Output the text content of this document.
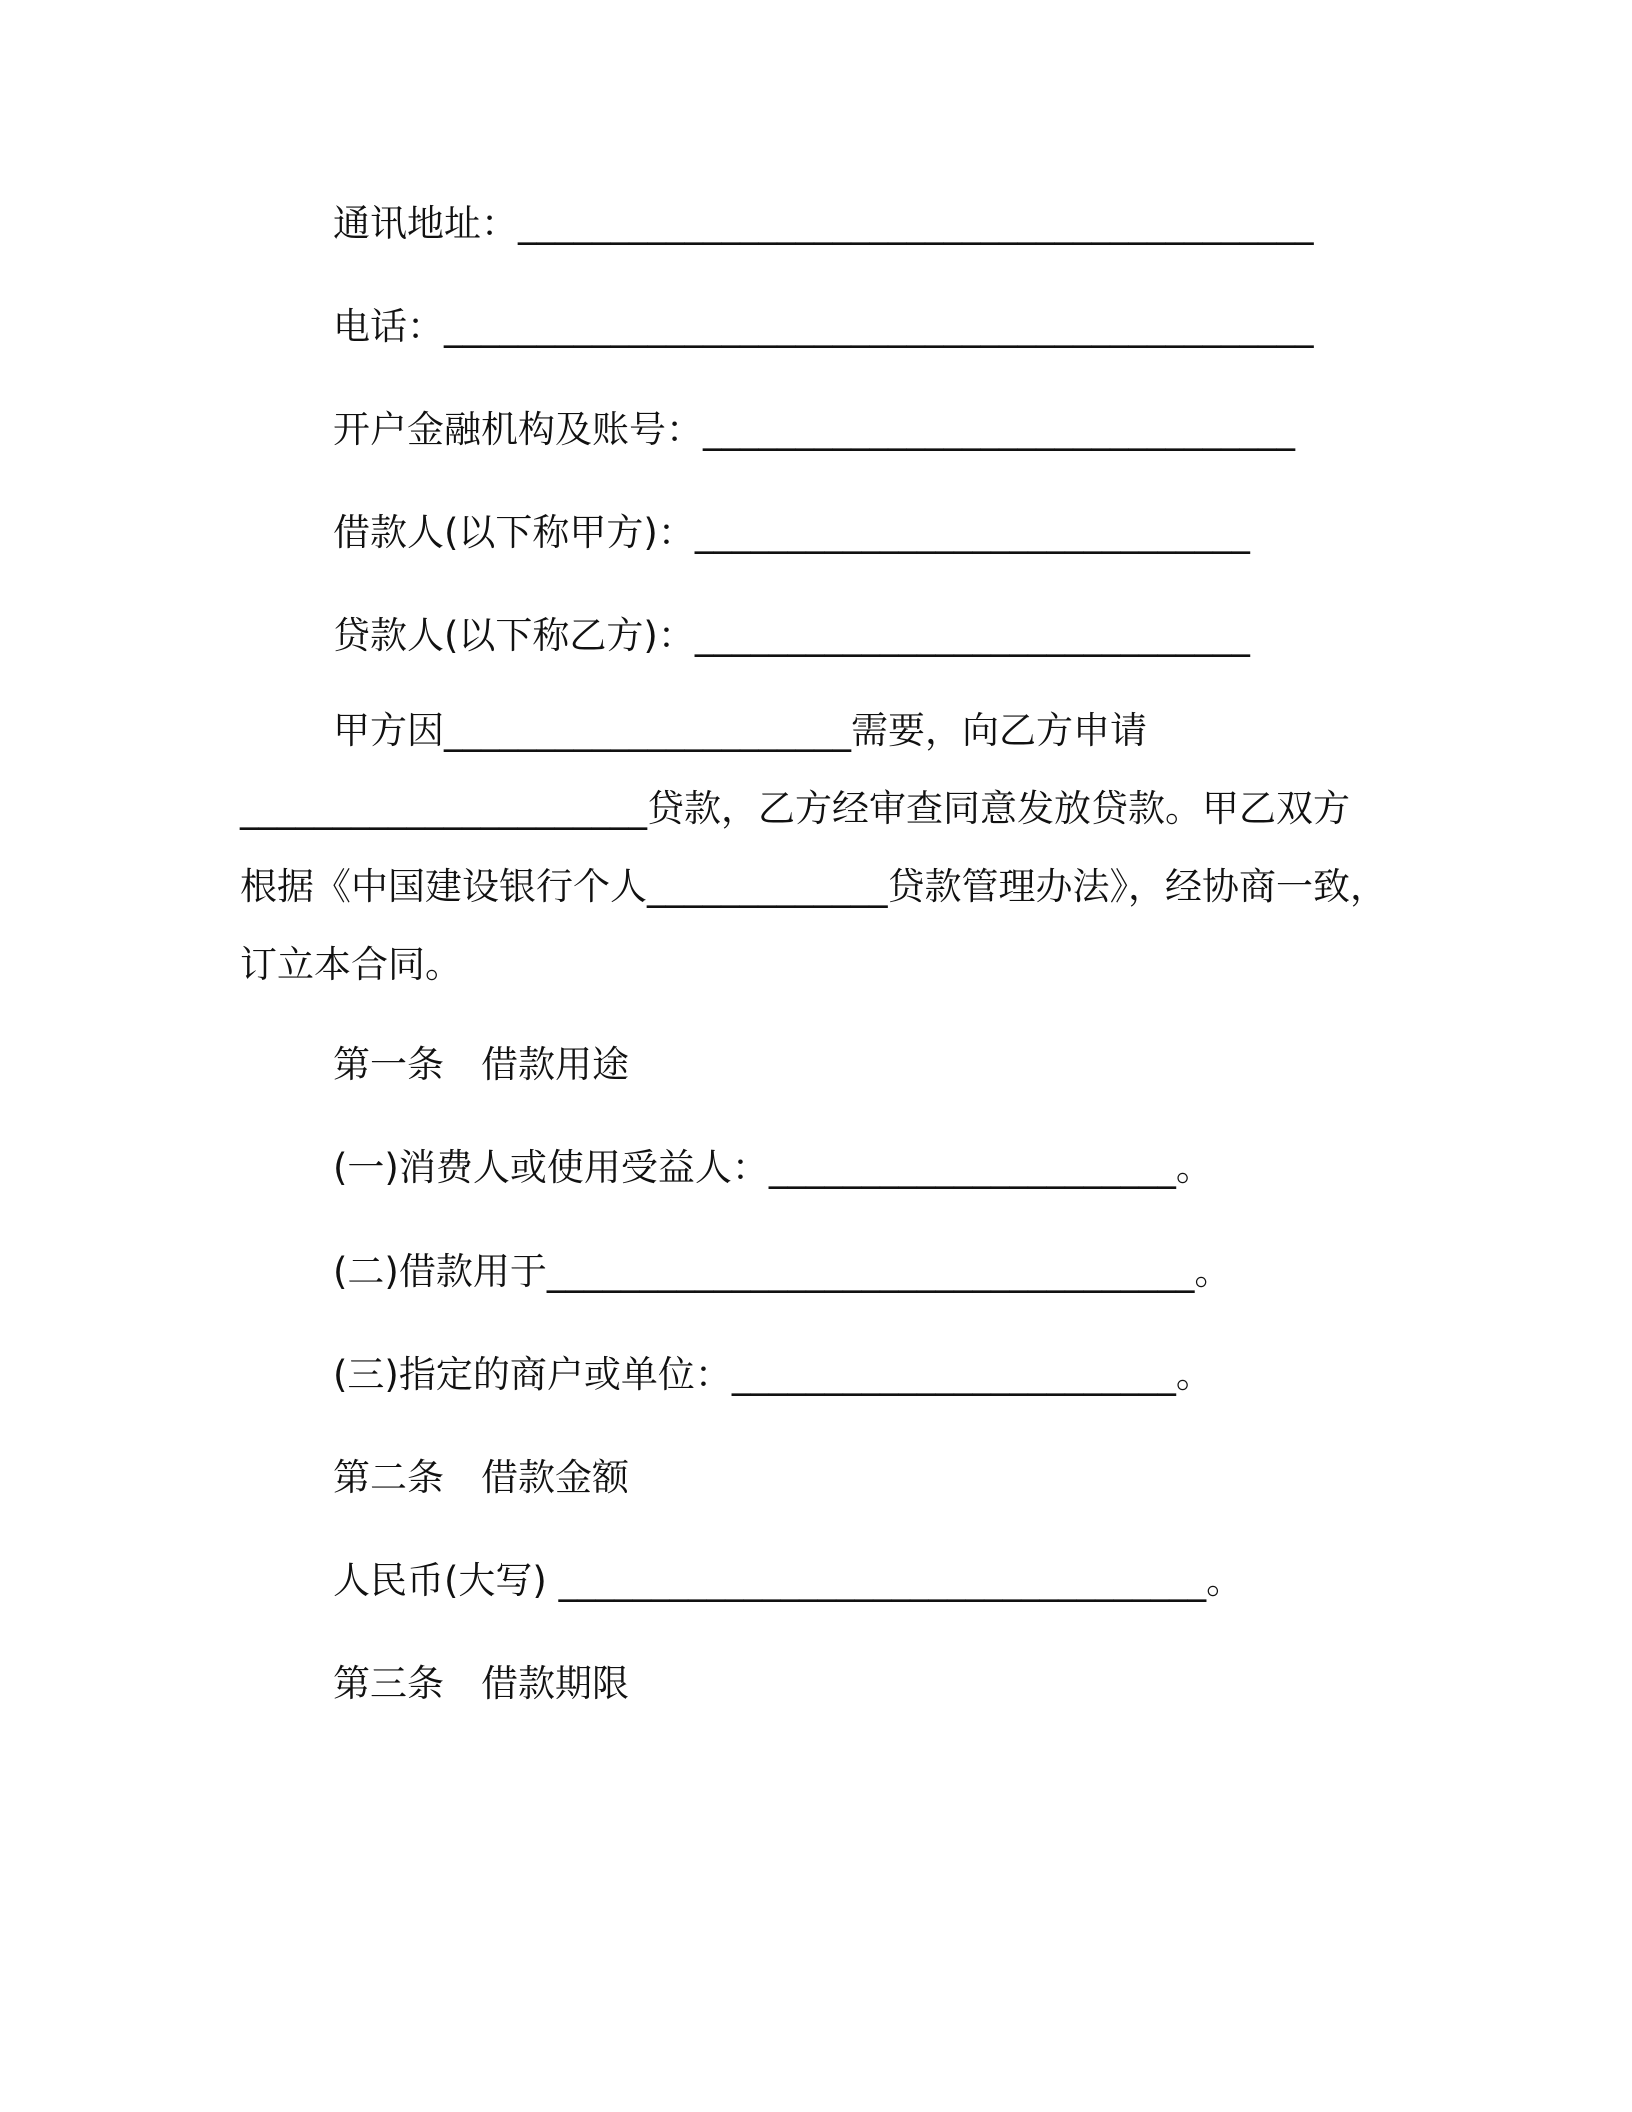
通讯地址：___________________________________________
电话：_______________________________________________
开户金融机构及账号：________________________________
借款人(以下称甲方)：______________________________
贷款人(以下称乙方)：______________________________
甲方因______________________需要，向乙方申请
______________________贷款，乙方经审查同意发放贷款。甲乙双方
根据《中国建设银行个人_____________贷款管理办法》，经协商一致，
订立本合同。
第一条　借款用途
(一)消费人或使用受益人：______________________。
(二)借款用于___________________________________。
(三)指定的商户或单位：________________________。
第二条　借款金额
人民币(大写) ___________________________________。
第三条　借款期限
